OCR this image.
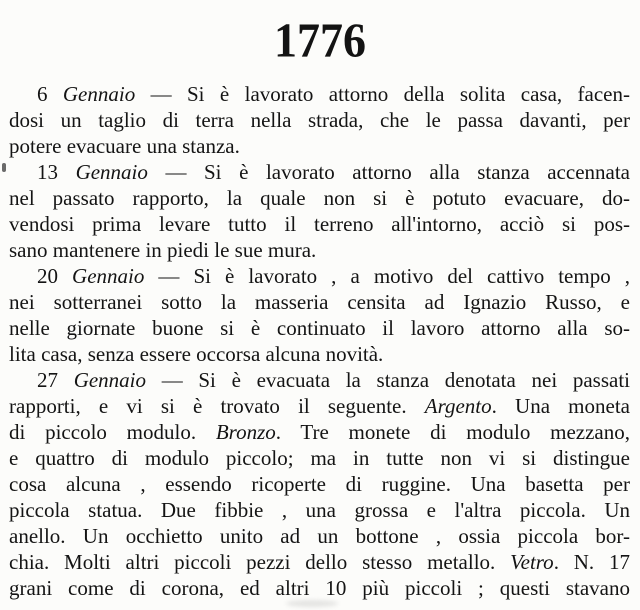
1776
6 Gennaio — Si è lavorato attorno della solita casa, facen-
dosi un taglio di terra nella strada, che le passa davanti, per
potere evacuare una stanza.
13 Gennaio — Si è lavorato attorno alla stanza accennata
nel passato rapporto, la quale non si è potuto evacuare, do-
vendosi prima levare tutto il terreno all'intorno, acciò si pos-
sano mantenere in piedi le sue mura.
20 Gennaio — Si è lavorato , a motivo del cattivo tempo ,
nei sotterranei sotto la masseria censita ad Ignazio Russo, e
nelle giornate buone si è continuato il lavoro attorno alla so-
lita casa, senza essere occorsa alcuna novità.
27 Gennaio — Si è evacuata la stanza denotata nei passati
rapporti, e vi si è trovato il seguente. Argento. Una moneta
di piccolo modulo. Bronzo. Tre monete di modulo mezzano,
e quattro di modulo piccolo; ma in tutte non vi si distingue
cosa alcuna , essendo ricoperte di ruggine. Una basetta per
piccola statua. Due fibbie , una grossa e l'altra piccola. Un
anello. Un occhietto unito ad un bottone , ossia piccola bor-
chia. Molti altri piccoli pezzi dello stesso metallo. Vetro. N. 17
grani come di corona, ed altri 10 più piccoli ; questi stavano
